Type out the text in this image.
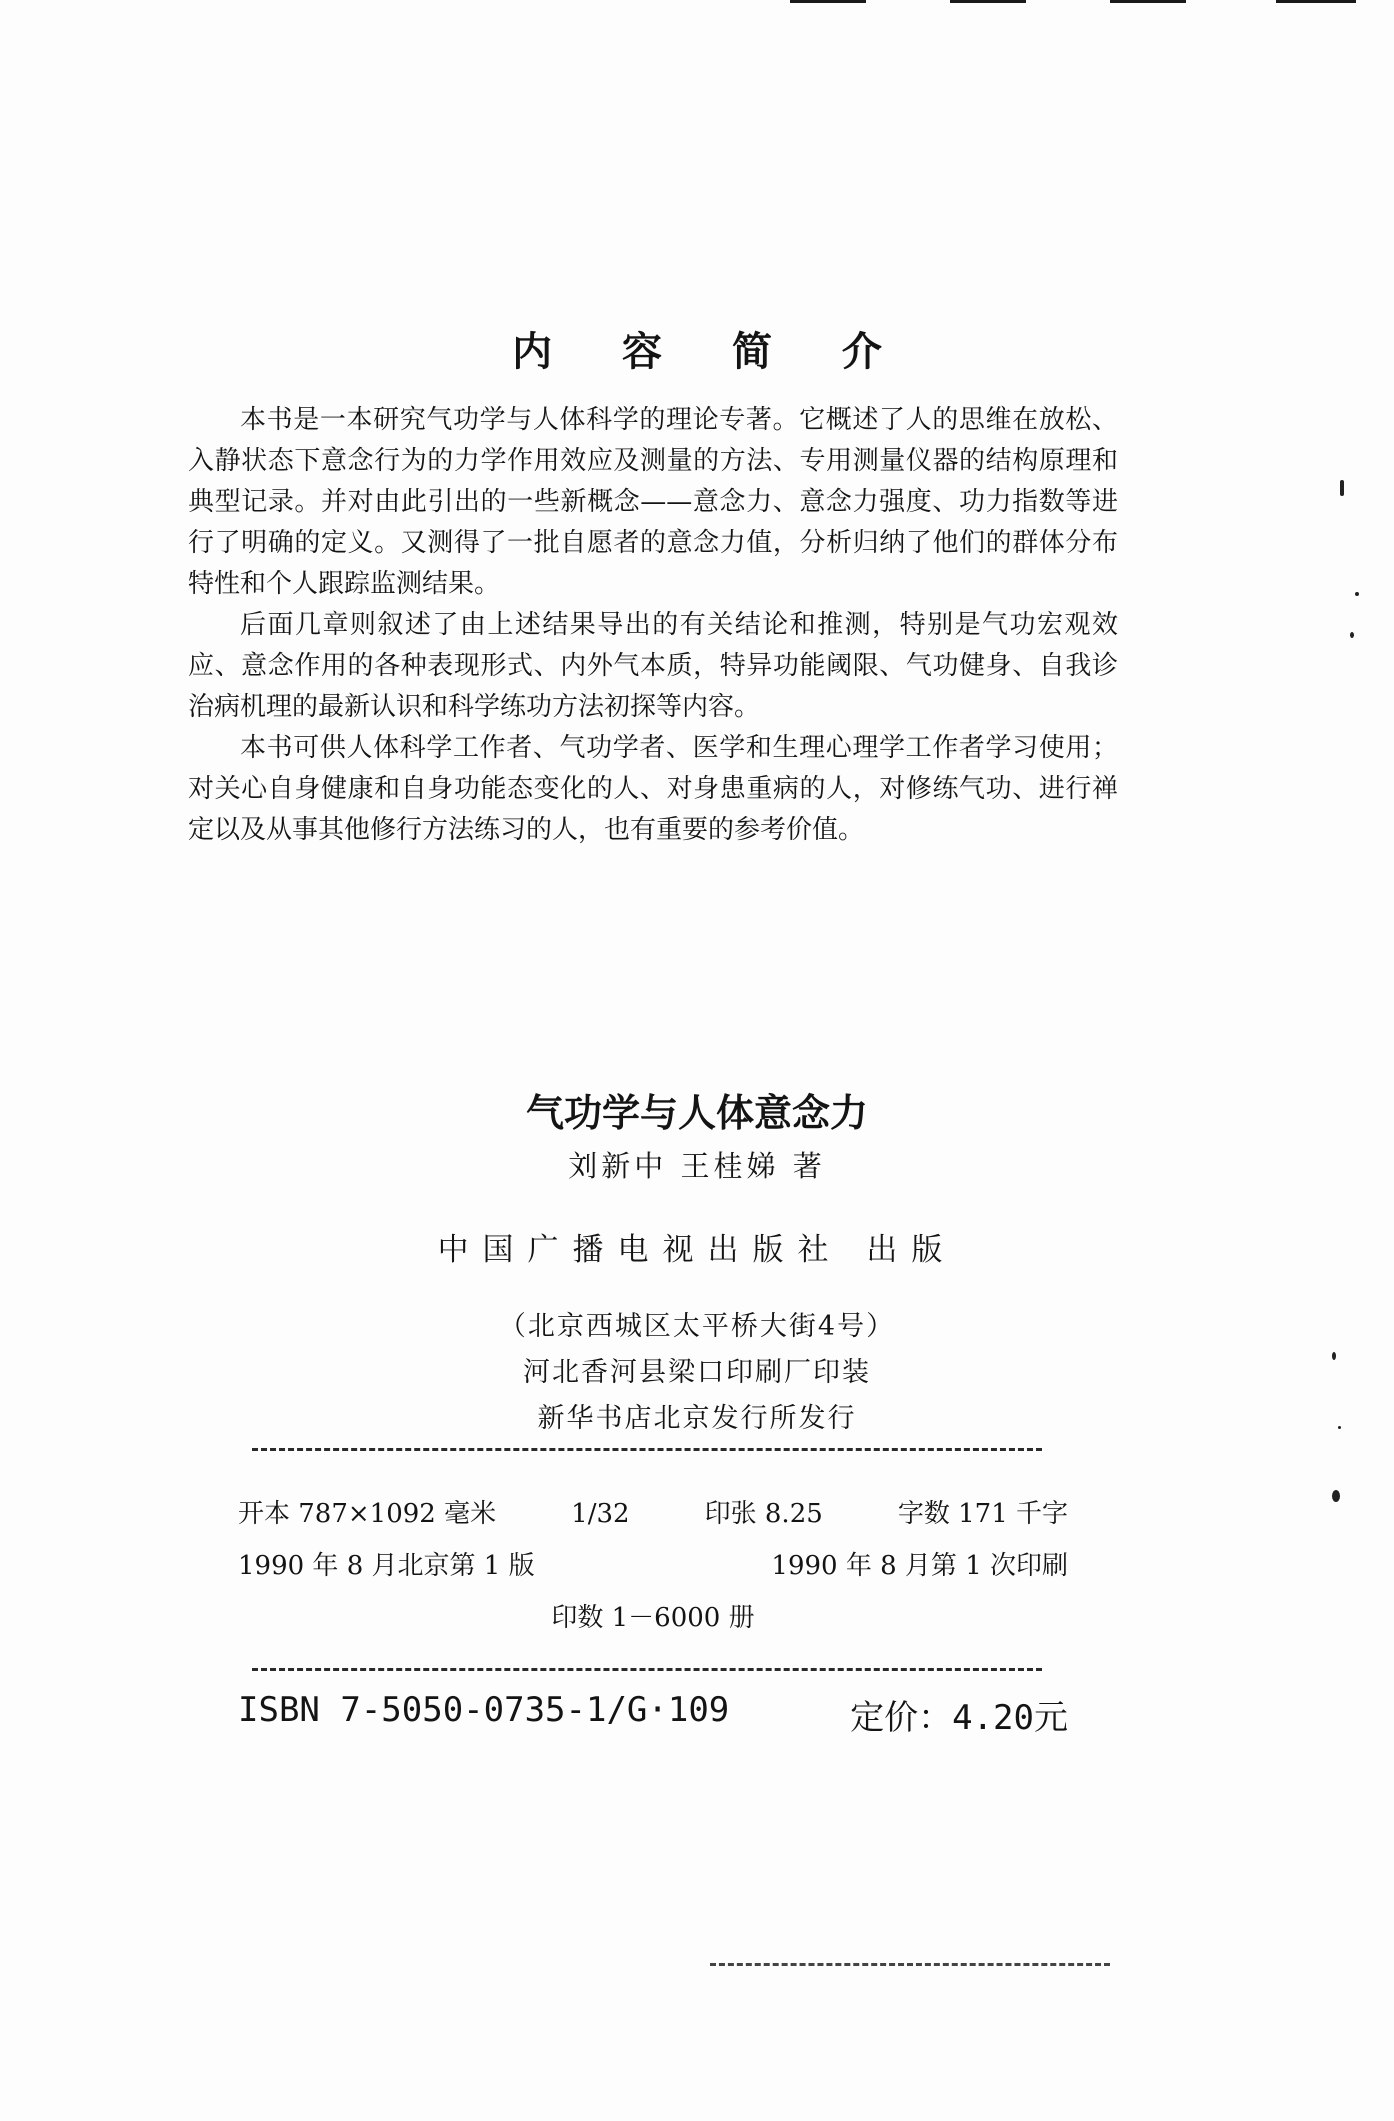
内 容 简 介

本书是一本研究气功学与人体科学的理论专著。它概述了人的思维在放松、入静状态下意念行为的力学作用效应及测量的方法、专用测量仪器的结构原理和典型记录。并对由此引出的一些新概念——意念力、意念力强度、功力指数等进行了明确的定义。又测得了一批自愿者的意念力值，分析归纳了他们的群体分布特性和个人跟踪监测结果。

后面几章则叙述了由上述结果导出的有关结论和推测，特别是气功宏观效应、意念作用的各种表现形式、内外气本质，特异功能阈限、气功健身、自我诊治病机理的最新认识和科学练功方法初探等内容。

本书可供人体科学工作者、气功学者、医学和生理心理学工作者学习使用；对关心自身健康和自身功能态变化的人、对身患重病的人，对修练气功、进行禅定以及从事其他修行方法练习的人，也有重要的参考价值。

气功学与人体意念力
刘新中 王桂娣 著
中国广播电视出版社 出版
（北京西城区太平桥大街4号）
河北香河县梁口印刷厂印装
新华书店北京发行所发行
开本 787×1092 毫米	1/32	印张 8.25	字数 171 千字
1990 年 8 月北京第 1 版	1990 年 8 月第 1 次印刷
印数 1－6000 册
ISBN 7-5050-0735-1/G·109	定价：4.20元
